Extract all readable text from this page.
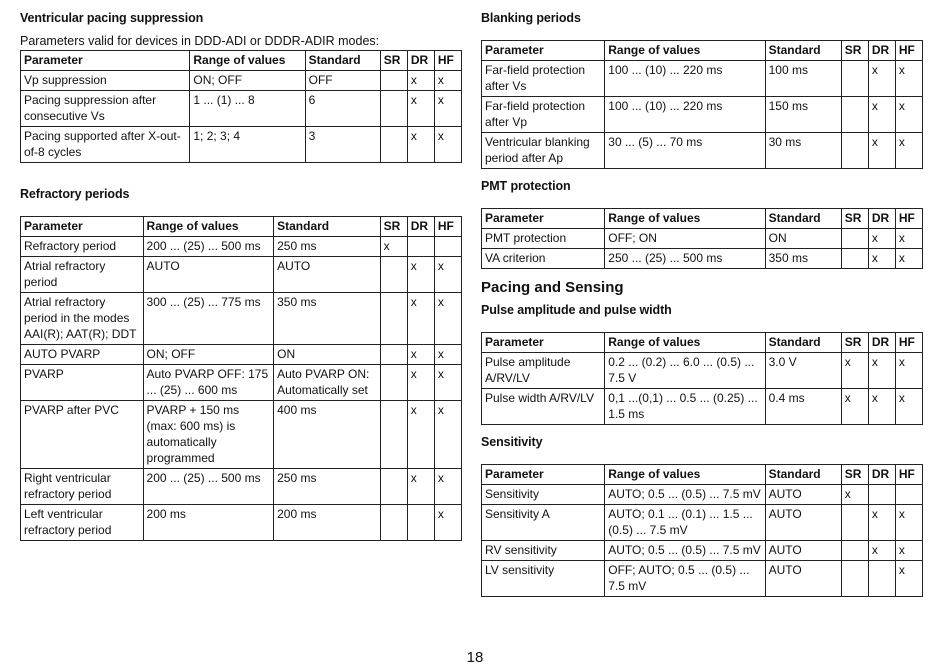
Ventricular pacing suppression

Parameters valid for devices in DDD-ADI or DDDR-ADIR modes:

Parameter	Range of values	Standard	SR	DR	HF
Vp suppression	ON; OFF	OFF		x	x
Pacing suppression after consecutive Vs	1 ... (1) ... 8	6		x	x
Pacing supported after X-out-of-8 cycles	1; 2; 3; 4	3		x	x

Refractory periods

Parameter	Range of values	Standard	SR	DR	HF
Refractory period	200 ... (25) ... 500 ms	250 ms	x		
Atrial refractory period	AUTO	AUTO		x	x
Atrial refractory period in the modes AAI(R); AAT(R); DDT	300 ... (25) ... 775 ms	350 ms		x	x
AUTO PVARP	ON; OFF	ON		x	x
PVARP	Auto PVARP OFF: 175 ... (25) ... 600 ms	Auto PVARP ON: Automatically set		x	x
PVARP after PVC	PVARP + 150 ms (max: 600 ms) is automatically programmed	400 ms		x	x
Right ventricular refractory period	200 ... (25) ... 500 ms	250 ms		x	x
Left ventricular refractory period	200 ms	200 ms			x

Blanking periods

Parameter	Range of values	Standard	SR	DR	HF
Far-field protection after Vs	100 ... (10) ... 220 ms	100 ms		x	x
Far-field protection after Vp	100 ... (10) ... 220 ms	150 ms		x	x
Ventricular blanking period after Ap	30 ... (5) ... 70 ms	30 ms		x	x

PMT protection

Parameter	Range of values	Standard	SR	DR	HF
PMT protection	OFF; ON	ON		x	x
VA criterion	250 ... (25) ... 500 ms	350 ms		x	x

Pacing and Sensing

Pulse amplitude and pulse width

Parameter	Range of values	Standard	SR	DR	HF
Pulse amplitude A/RV/LV	0.2 ... (0.2) ... 6.0 ... (0.5) ... 7.5 V	3.0 V	x	x	x
Pulse width A/RV/LV	0,1 ...(0,1) ... 0.5 ... (0.25) ... 1.5 ms	0.4 ms	x	x	x

Sensitivity

Parameter	Range of values	Standard	SR	DR	HF
Sensitivity	AUTO; 0.5 ... (0.5) ... 7.5 mV	AUTO	x		
Sensitivity A	AUTO; 0.1 ... (0.1) ... 1.5 ... (0.5) ... 7.5 mV	AUTO		x	x
RV sensitivity	AUTO; 0.5 ... (0.5) ... 7.5 mV	AUTO		x	x
LV sensitivity	OFF; AUTO; 0.5 ... (0.5) ... 7.5 mV	AUTO			x
18
